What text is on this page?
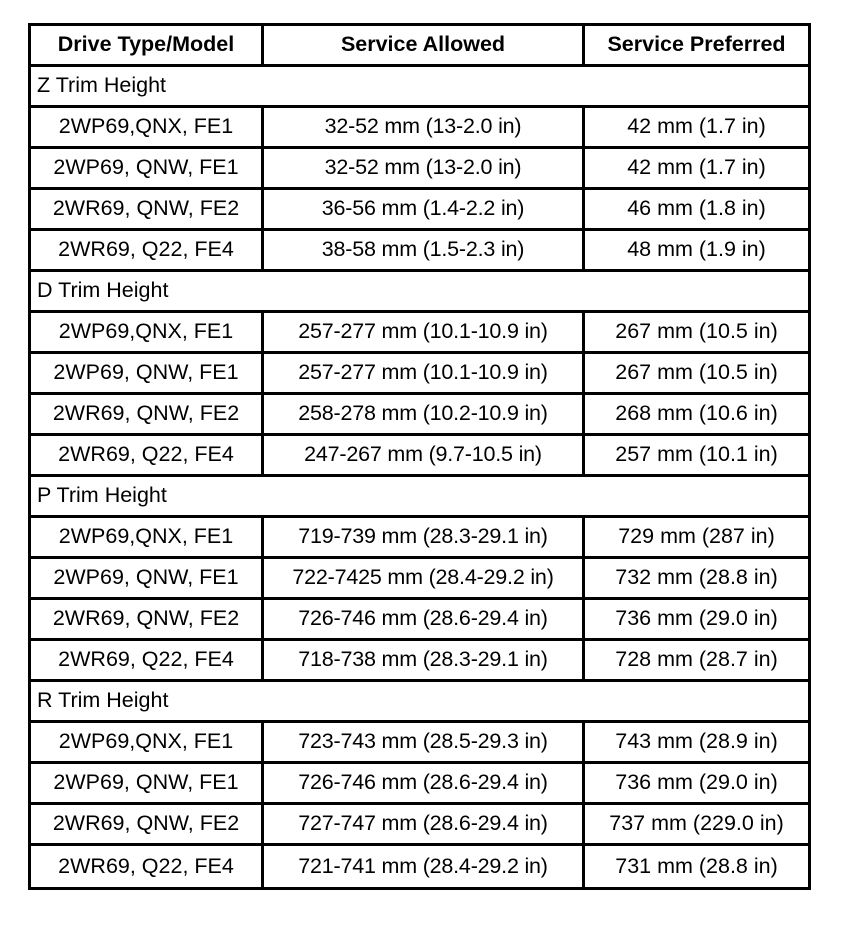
Drive Type/Model	Service Allowed	Service Preferred
Z Trim Height		
2WP69,QNX, FE1	32-52 mm (13-2.0 in)	42 mm (1.7 in)
2WP69, QNW, FE1	32-52 mm (13-2.0 in)	42 mm (1.7 in)
2WR69, QNW, FE2	36-56 mm (1.4-2.2 in)	46 mm (1.8 in)
2WR69, Q22, FE4	38-58 mm (1.5-2.3 in)	48 mm (1.9 in)
D Trim Height		
2WP69,QNX, FE1	257-277 mm (10.1-10.9 in)	267 mm (10.5 in)
2WP69, QNW, FE1	257-277 mm (10.1-10.9 in)	267 mm (10.5 in)
2WR69, QNW, FE2	258-278 mm (10.2-10.9 in)	268 mm (10.6 in)
2WR69, Q22, FE4	247-267 mm (9.7-10.5 in)	257 mm (10.1 in)
P Trim Height		
2WP69,QNX, FE1	719-739 mm (28.3-29.1 in)	729 mm (287 in)
2WP69, QNW, FE1	722-7425 mm (28.4-29.2 in)	732 mm (28.8 in)
2WR69, QNW, FE2	726-746 mm (28.6-29.4 in)	736 mm (29.0 in)
2WR69, Q22, FE4	718-738 mm (28.3-29.1 in)	728 mm (28.7 in)
R Trim Height		
2WP69,QNX, FE1	723-743 mm (28.5-29.3 in)	743 mm (28.9 in)
2WP69, QNW, FE1	726-746 mm (28.6-29.4 in)	736 mm (29.0 in)
2WR69, QNW, FE2	727-747 mm (28.6-29.4 in)	737 mm (229.0 in)
2WR69, Q22, FE4	721-741 mm (28.4-29.2 in)	731 mm (28.8 in)
